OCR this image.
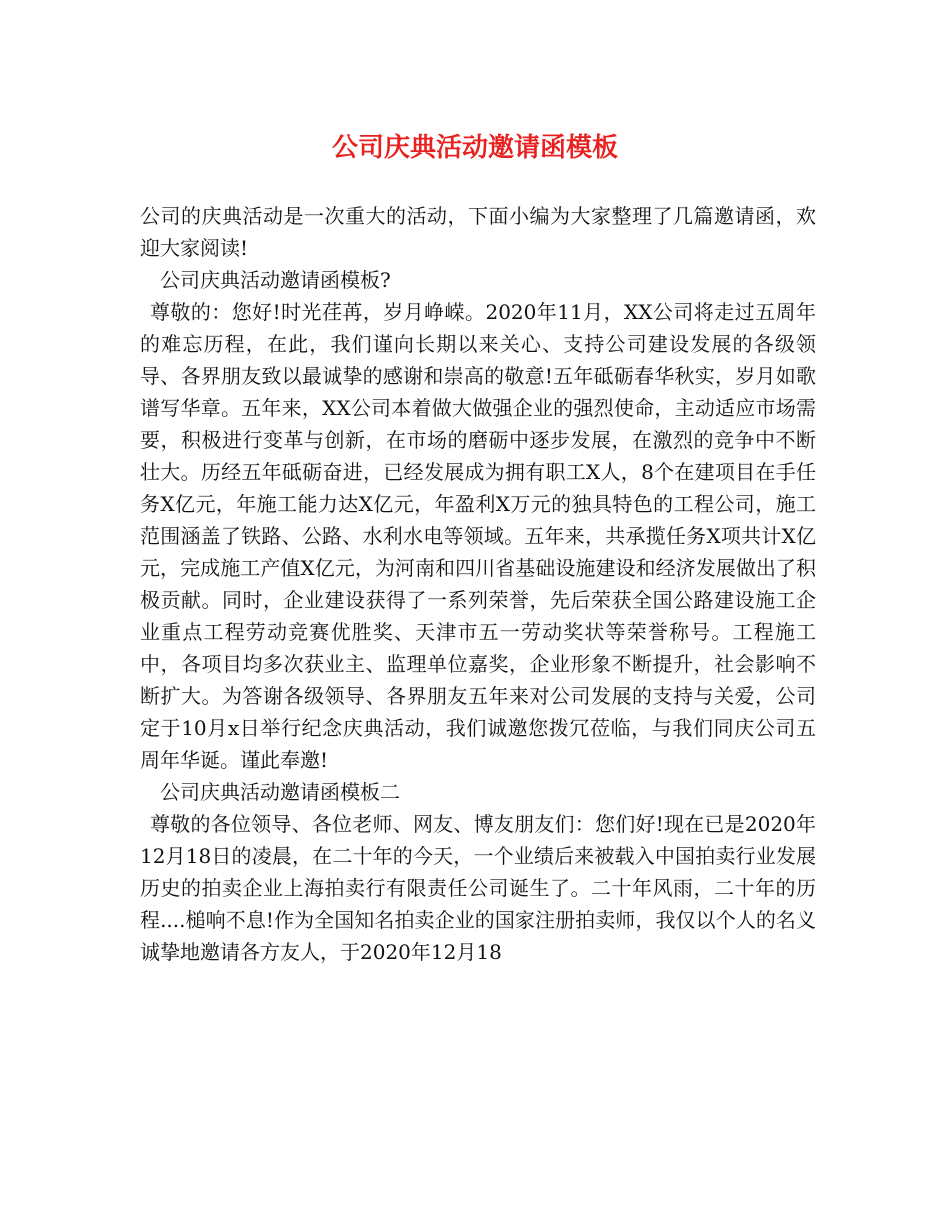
公司庆典活动邀请函模板

公司的庆典活动是一次重大的活动，下面小编为大家整理了几篇邀请函，欢迎大家阅读!

公司庆典活动邀请函模板?

尊敬的：您好!时光荏苒，岁月峥嵘。2020年11月，XX公司将走过五周年的难忘历程，在此，我们谨向长期以来关心、支持公司建设发展的各级领导、各界朋友致以最诚挚的感谢和崇高的敬意!五年砥砺春华秋实，岁月如歌谱写华章。五年来，XX公司本着做大做强企业的强烈使命，主动适应市场需要，积极进行变革与创新，在市场的磨砺中逐步发展，在激烈的竞争中不断壮大。历经五年砥砺奋进，已经发展成为拥有职工X人，8个在建项目在手任务X亿元，年施工能力达X亿元，年盈利X万元的独具特色的工程公司，施工范围涵盖了铁路、公路、水利水电等领域。五年来，共承揽任务X项共计X亿元，完成施工产值X亿元，为河南和四川省基础设施建设和经济发展做出了积极贡献。同时，企业建设获得了一系列荣誉，先后荣获全国公路建设施工企业重点工程劳动竞赛优胜奖、天津市五一劳动奖状等荣誉称号。工程施工中，各项目均多次获业主、监理单位嘉奖，企业形象不断提升，社会影响不断扩大。为答谢各级领导、各界朋友五年来对公司发展的支持与关爱，公司定于10月x日举行纪念庆典活动，我们诚邀您拨冗莅临，与我们同庆公司五周年华诞。谨此奉邀!

公司庆典活动邀请函模板二

尊敬的各位领导、各位老师、网友、博友朋友们：您们好!现在已是2020年12月18日的凌晨，在二十年的今天，一个业绩后来被载入中国拍卖行业发展历史的拍卖企业上海拍卖行有限责任公司诞生了。二十年风雨，二十年的历程....槌响不息!作为全国知名拍卖企业的国家注册拍卖师，我仅以个人的名义诚挚地邀请各方友人，于2020年12月18
